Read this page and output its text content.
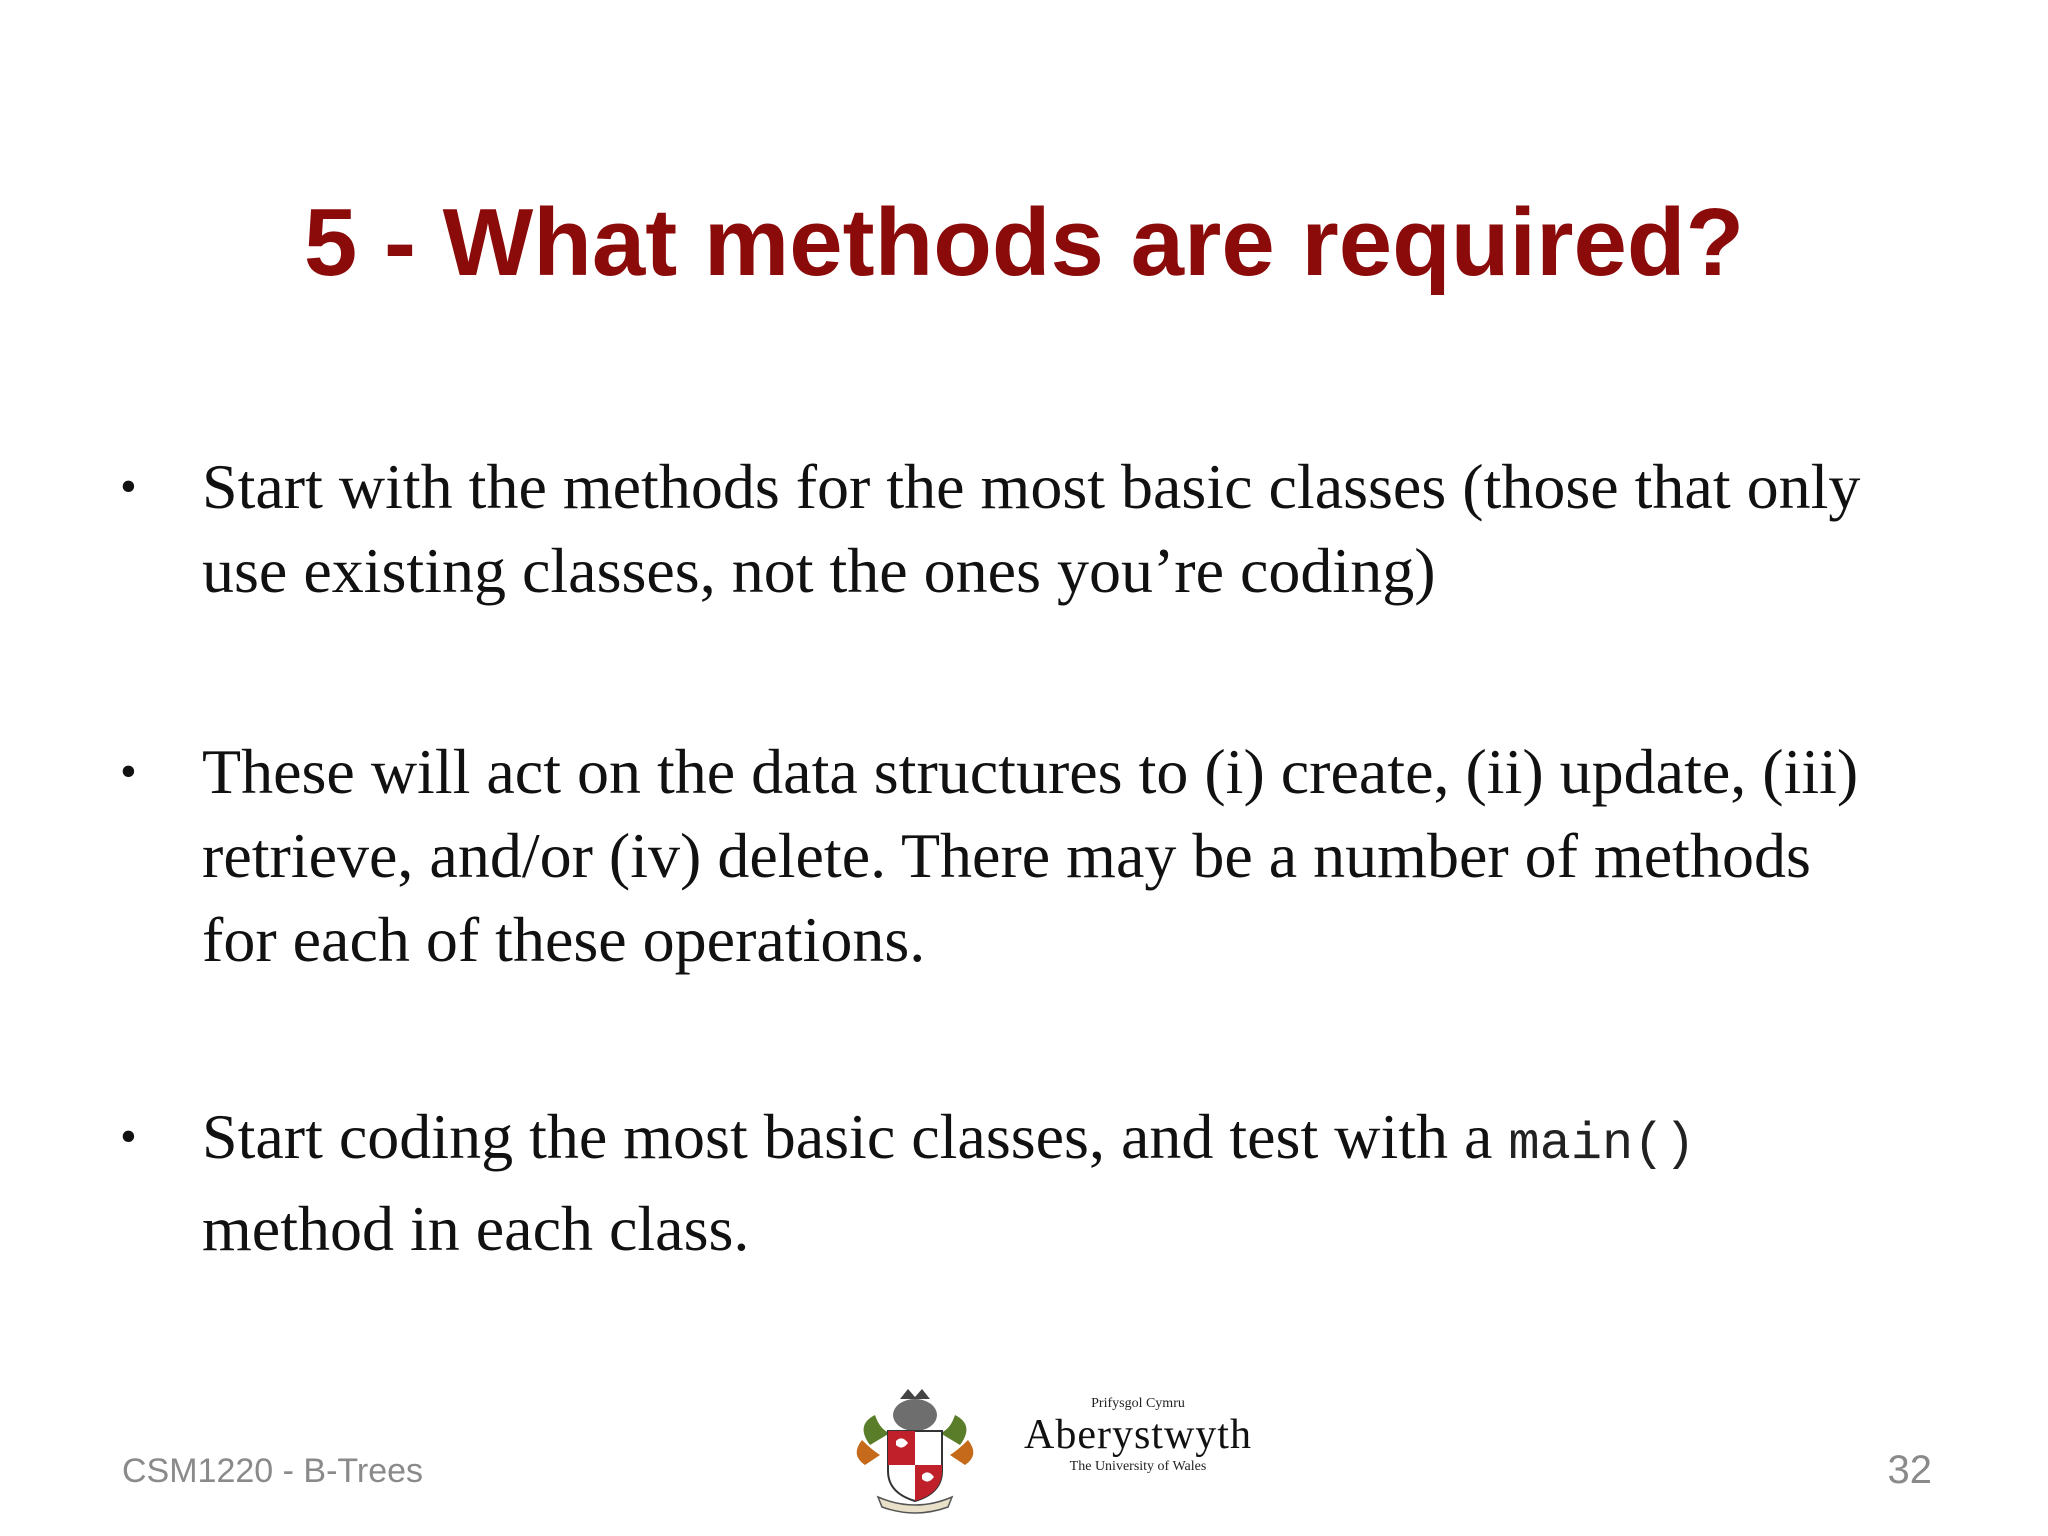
5 - What methods are required?
•	Start with the methods for the most basic classes (those that only use existing classes, not the ones you’re coding)
•	These will act on the data structures to (i) create, (ii) update, (iii) retrieve, and/or (iv) delete. There may be a number of methods for each of these operations.
•	Start coding the most basic classes, and test with a main() method in each class.
CSM1220 - B-Trees
Prifysgol Cymru
Aberystwyth
The University of Wales	32
